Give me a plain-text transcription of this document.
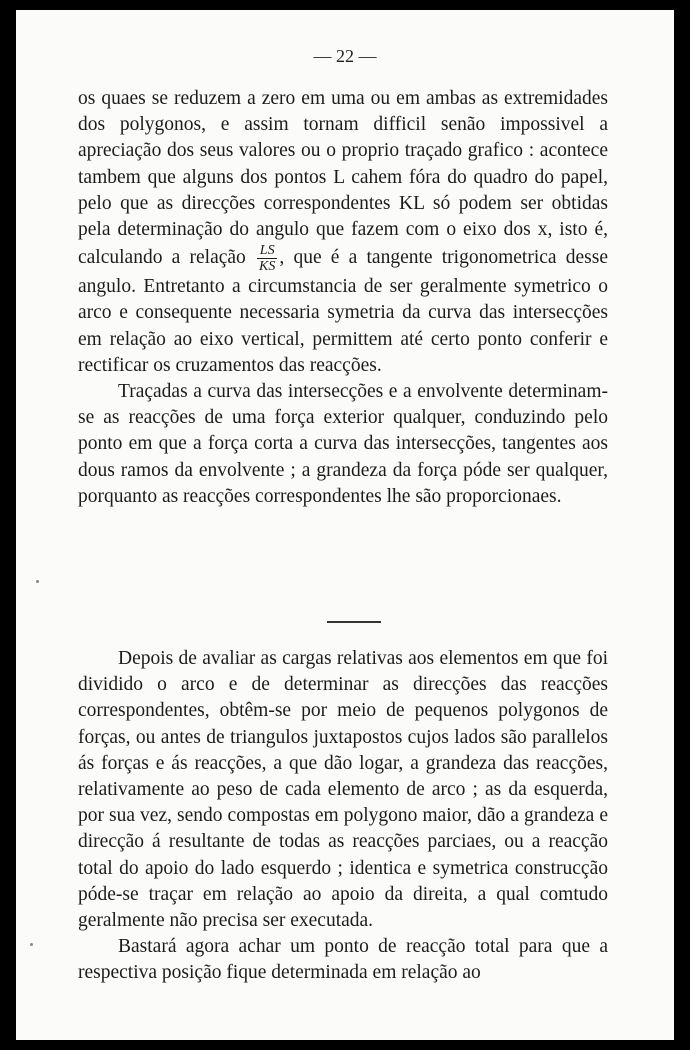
— 22 —

os quaes se reduzem a zero em uma ou em ambas as extremidades dos polygonos, e assim tornam difficil senão impossivel a apreciação dos seus valores ou o proprio traçado grafico : acontece tambem que alguns dos pontos L cahem fóra do quadro do papel, pelo que as direcções correspondentes KL só podem ser obtidas pela determinação do angulo que fazem com o eixo dos x, isto é, calculando a relação $\frac{LS}{KS}$ , que é a tangente trigonometrica desse angulo. Entretanto a circumstancia de ser geralmente symetrico o arco e consequente necessaria symetria da curva das intersecções em relação ao eixo vertical, permittem até certo ponto conferir e rectificar os cruzamentos das reacções.

Traçadas a curva das intersecções e a envolvente determinam-se as reacções de uma força exterior qualquer, conduzindo pelo ponto em que a força corta a curva das intersecções, tangentes aos dous ramos da envolvente ; a grandeza da força póde ser qualquer, porquanto as reacções correspondentes lhe são proporcionaes.

Depois de avaliar as cargas relativas aos elementos em que foi dividido o arco e de determinar as direcções das reacções correspondentes, obtêm-se por meio de pequenos polygonos de forças, ou antes de triangulos juxtapostos cujos lados são parallelos ás forças e ás reacções, a que dão logar, a grandeza das reacções, relativamente ao peso de cada elemento de arco ; as da esquerda, por sua vez, sendo compostas em polygono maior, dão a grandeza e direcção á resultante de todas as reacções parciaes, ou a reacção total do apoio do lado esquerdo ; identica e symetrica construcção póde-se traçar em relação ao apoio da direita, a qual comtudo geralmente não precisa ser executada.

Bastará agora achar um ponto de reacção total para que a respectiva posição fique determinada em relação ao
